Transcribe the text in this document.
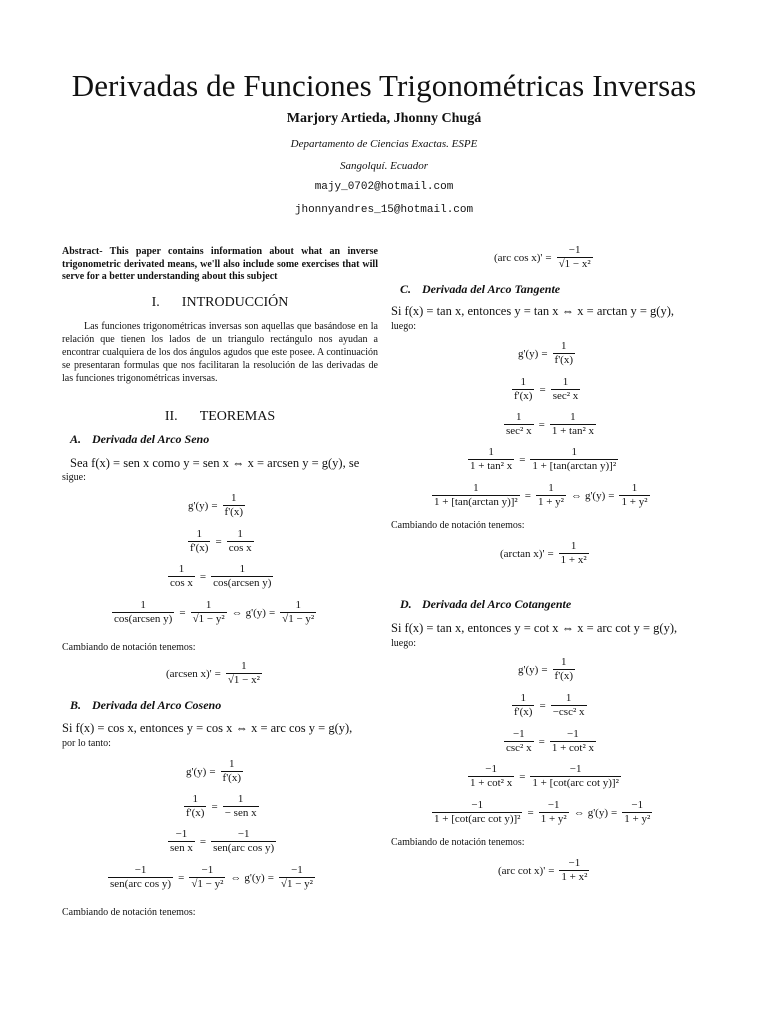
Derivadas de Funciones Trigonométricas Inversas
Marjory Artieda, Jhonny Chugá
Departamento de Ciencias Exactas. ESPE
Sangolquí. Ecuador
majy_0702@hotmail.com
jhonnyandres_15@hotmail.com
Abstract- This paper contains information about what an inverse trigonometric derivated means, we'll also include some exercises that will serve for a better understanding about this subject
I. INTRODUCCIÓN
Las funciones trigonométricas inversas son aquellas que basándose en la relación que tienen los lados de un triangulo rectángulo nos ayudan a encontrar cualquiera de los dos ángulos agudos que este posee. A continuación se presentaran formulas que nos facilitaran la resolución de las derivadas de las funciones trigonométricas inversas.
II. TEOREMAS
A. Derivada del Arco Seno
Sea f(x) = sen x como y = sen x ⇔ x = arcsen y = g(y), se
sigue:
$g'(y) = \frac{1}{f'(x)}$
$\frac{1}{f'(x)} = \frac{1}{\text{cos x}}$
$\frac{1}{\text{cos x}} = \frac{1}{\text{cos(arcsen y)}}$
$\frac{1}{\text{cos(arcsen y)}} = \frac{1}{\text{√1 − y²}}$ ⇔ $g'(y) = \frac{1}{\text{√1 − y²}}$
Cambiando de notación tenemos:
(arcsen $x)' = \frac{1}{\text{√1 − x²}}$
B. Derivada del Arco Coseno
Si f(x) = cos x, entonces y = cos x ⇔ x = arc cos y = g(y),
por lo tanto:
$g'(y) = \frac{1}{f'(x)}$
$\frac{1}{f'(x)} = \frac{1}{\text{− sen x}}$
$\frac{-1}{\text{sen x}} = \frac{-1}{\text{sen(arc cos y)}}$
$\frac{-1}{\text{sen(arc cos y)}} = \frac{-1}{\text{√1 − y²}}$ ⇔ $g'(y) = \frac{-1}{\text{√1 − y²}}$
Cambiando de notación tenemos:
(arc $\cos x)' = \frac{-1}{\text{√1 − x²}}$
C. Derivada del Arco Tangente
Si f(x) = tan x, entonces y = tan x ⇔ x = arctan y = g(y),
luego:
$g'(y) = \frac{1}{f'(x)}$
$\frac{1}{f'(x)} = \frac{1}{\text{sec² x}}$
$\frac{1}{\text{sec² x}} = \frac{1}{\text{1 + tan² x}}$
$\frac{1}{\text{1 + tan² x}} = \frac{1}{\text{1 + [tan(arctan y)]²}}$
$\frac{1}{\text{1 + [tan(arctan y)]²}} = \frac{1}{\text{1 + y²}}$ ⇔ $g'(y) = \frac{1}{\text{1 + y²}}$
Cambiando de notación tenemos:
(arctan $x)' = \frac{1}{\text{1 + x²}}$
D. Derivada del Arco Cotangente
Si f(x) = tan x, entonces y = cot x ⇔ x = arc cot y = g(y),
luego:
$g'(y) = \frac{1}{f'(x)}$
$\frac{1}{f'(x)} = \frac{1}{\text{−csc² x}}$
$\frac{-1}{\text{csc² x}} = \frac{-1}{\text{1 + cot² x}}$
$\frac{-1}{\text{1 + cot² x}} = \frac{-1}{\text{1 + [cot(arc cot y)]²}}$
$\frac{-1}{\text{1 + [cot(arc cot y)]²}} = \frac{-1}{\text{1 + y²}}$ ⇔ $g'(y) = \frac{-1}{\text{1 + y²}}$
Cambiando de notación tenemos:
(arc $\cot x)' = \frac{-1}{\text{1 + x²}}$
